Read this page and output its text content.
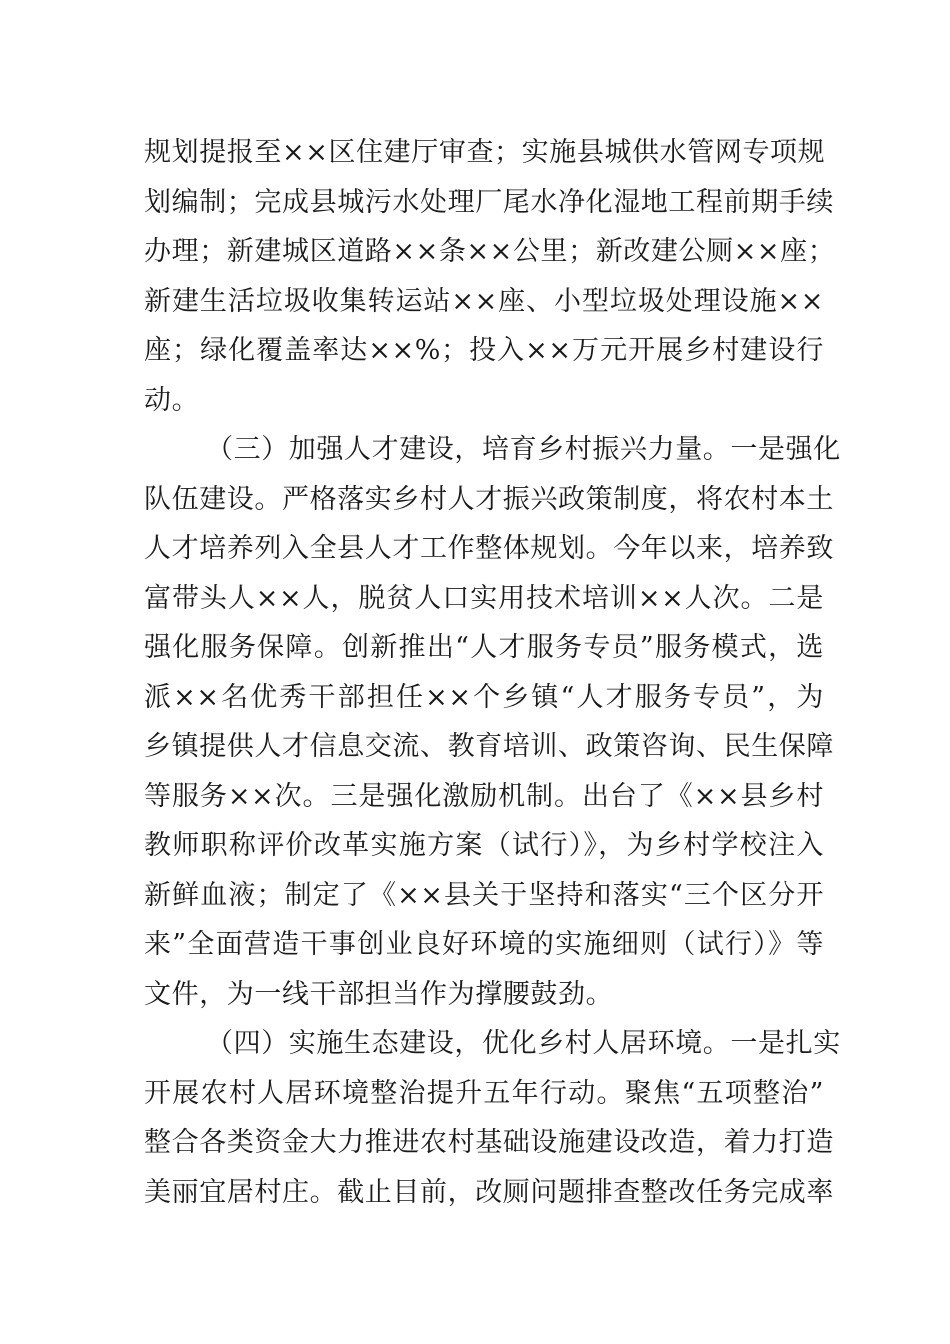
规划提报至××区住建厅审查；实施县城供水管网专项规
划编制；完成县城污水处理厂尾水净化湿地工程前期手续
办理；新建城区道路××条××公里；新改建公厕××座；
新建生活垃圾收集转运站××座、小型垃圾处理设施××
座；绿化覆盖率达××%；投入××万元开展乡村建设行
动。
（三）加强人才建设，培育乡村振兴力量。一是强化
队伍建设。严格落实乡村人才振兴政策制度，将农村本土
人才培养列入全县人才工作整体规划。今年以来，培养致
富带头人××人，脱贫人口实用技术培训××人次。二是
强化服务保障。创新推出“人才服务专员”服务模式，选
派××名优秀干部担任××个乡镇“人才服务专员”，为
乡镇提供人才信息交流、教育培训、政策咨询、民生保障
等服务××次。三是强化激励机制。出台了《××县乡村
教师职称评价改革实施方案（试行）》，为乡村学校注入
新鲜血液；制定了《××县关于坚持和落实“三个区分开
来”全面营造干事创业良好环境的实施细则（试行）》等
文件，为一线干部担当作为撑腰鼓劲。
（四）实施生态建设，优化乡村人居环境。一是扎实
开展农村人居环境整治提升五年行动。聚焦“五项整治”
整合各类资金大力推进农村基础设施建设改造，着力打造
美丽宜居村庄。截止目前，改厕问题排查整改任务完成率
